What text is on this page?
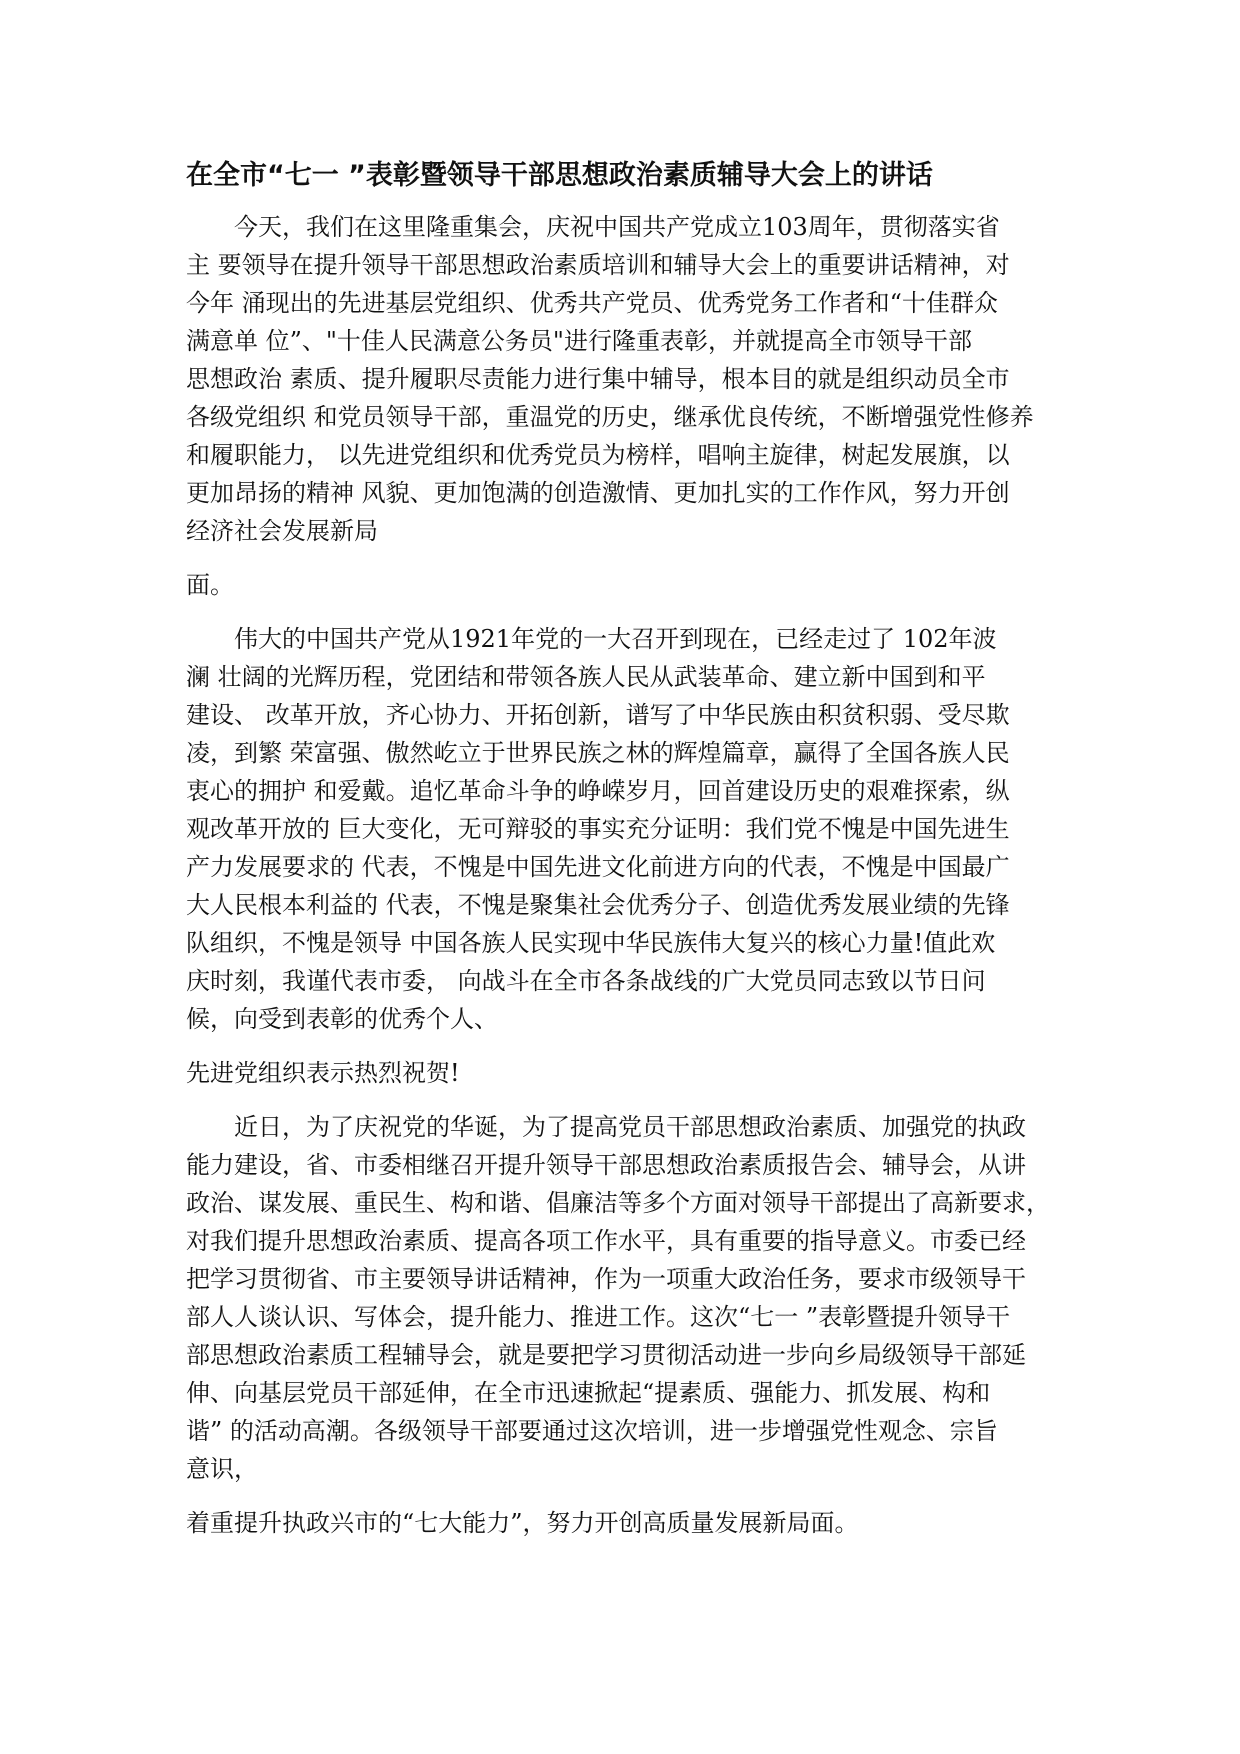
在全市“七一 ”表彰暨领导干部思想政治素质辅导大会上的讲话
今天，我们在这里隆重集会，庆祝中国共产党成立103周年，贯彻落实省
主 要领导在提升领导干部思想政治素质培训和辅导大会上的重要讲话精神，对
今年 涌现出的先进基层党组织、优秀共产党员、优秀党务工作者和“十佳群众
满意单 位”、"十佳人民满意公务员"进行隆重表彰，并就提高全市领导干部
思想政治 素质、提升履职尽责能力进行集中辅导，根本目的就是组织动员全市
各级党组织 和党员领导干部，重温党的历史，继承优良传统，不断增强党性修养
和履职能力， 以先进党组织和优秀党员为榜样，唱响主旋律，树起发展旗，以
更加昂扬的精神 风貌、更加饱满的创造激情、更加扎实的工作作风，努力开创
经济社会发展新局
面。
伟大的中国共产党从1921年党的一大召开到现在，已经走过了 102年波
澜 壮阔的光辉历程，党团结和带领各族人民从武装革命、建立新中国到和平
建设、 改革开放，齐心协力、开拓创新，谱写了中华民族由积贫积弱、受尽欺
凌，到繁 荣富强、傲然屹立于世界民族之林的辉煌篇章，赢得了全国各族人民
衷心的拥护 和爱戴。追忆革命斗争的峥嵘岁月，回首建设历史的艰难探索，纵
观改革开放的 巨大变化，无可辩驳的事实充分证明：我们党不愧是中国先进生
产力发展要求的 代表，不愧是中国先进文化前进方向的代表，不愧是中国最广
大人民根本利益的 代表，不愧是聚集社会优秀分子、创造优秀发展业绩的先锋
队组织，不愧是领导 中国各族人民实现中华民族伟大复兴的核心力量!值此欢
庆时刻，我谨代表市委， 向战斗在全市各条战线的广大党员同志致以节日问
候，向受到表彰的优秀个人、
先进党组织表示热烈祝贺!
近日，为了庆祝党的华诞，为了提高党员干部思想政治素质、加强党的执政
能力建设，省、市委相继召开提升领导干部思想政治素质报告会、辅导会，从讲
政治、谋发展、重民生、构和谐、倡廉洁等多个方面对领导干部提出了高新要求，
对我们提升思想政治素质、提高各项工作水平，具有重要的指导意义。市委已经
把学习贯彻省、市主要领导讲话精神，作为一项重大政治任务，要求市级领导干
部人人谈认识、写体会，提升能力、推进工作。这次“七一 ”表彰暨提升领导干
部思想政治素质工程辅导会，就是要把学习贯彻活动进一步向乡局级领导干部延
伸、向基层党员干部延伸，在全市迅速掀起“提素质、强能力、抓发展、构和
谐” 的活动高潮。各级领导干部要通过这次培训，进一步增强党性观念、宗旨
意识，
着重提升执政兴市的“七大能力”，努力开创高质量发展新局面。
